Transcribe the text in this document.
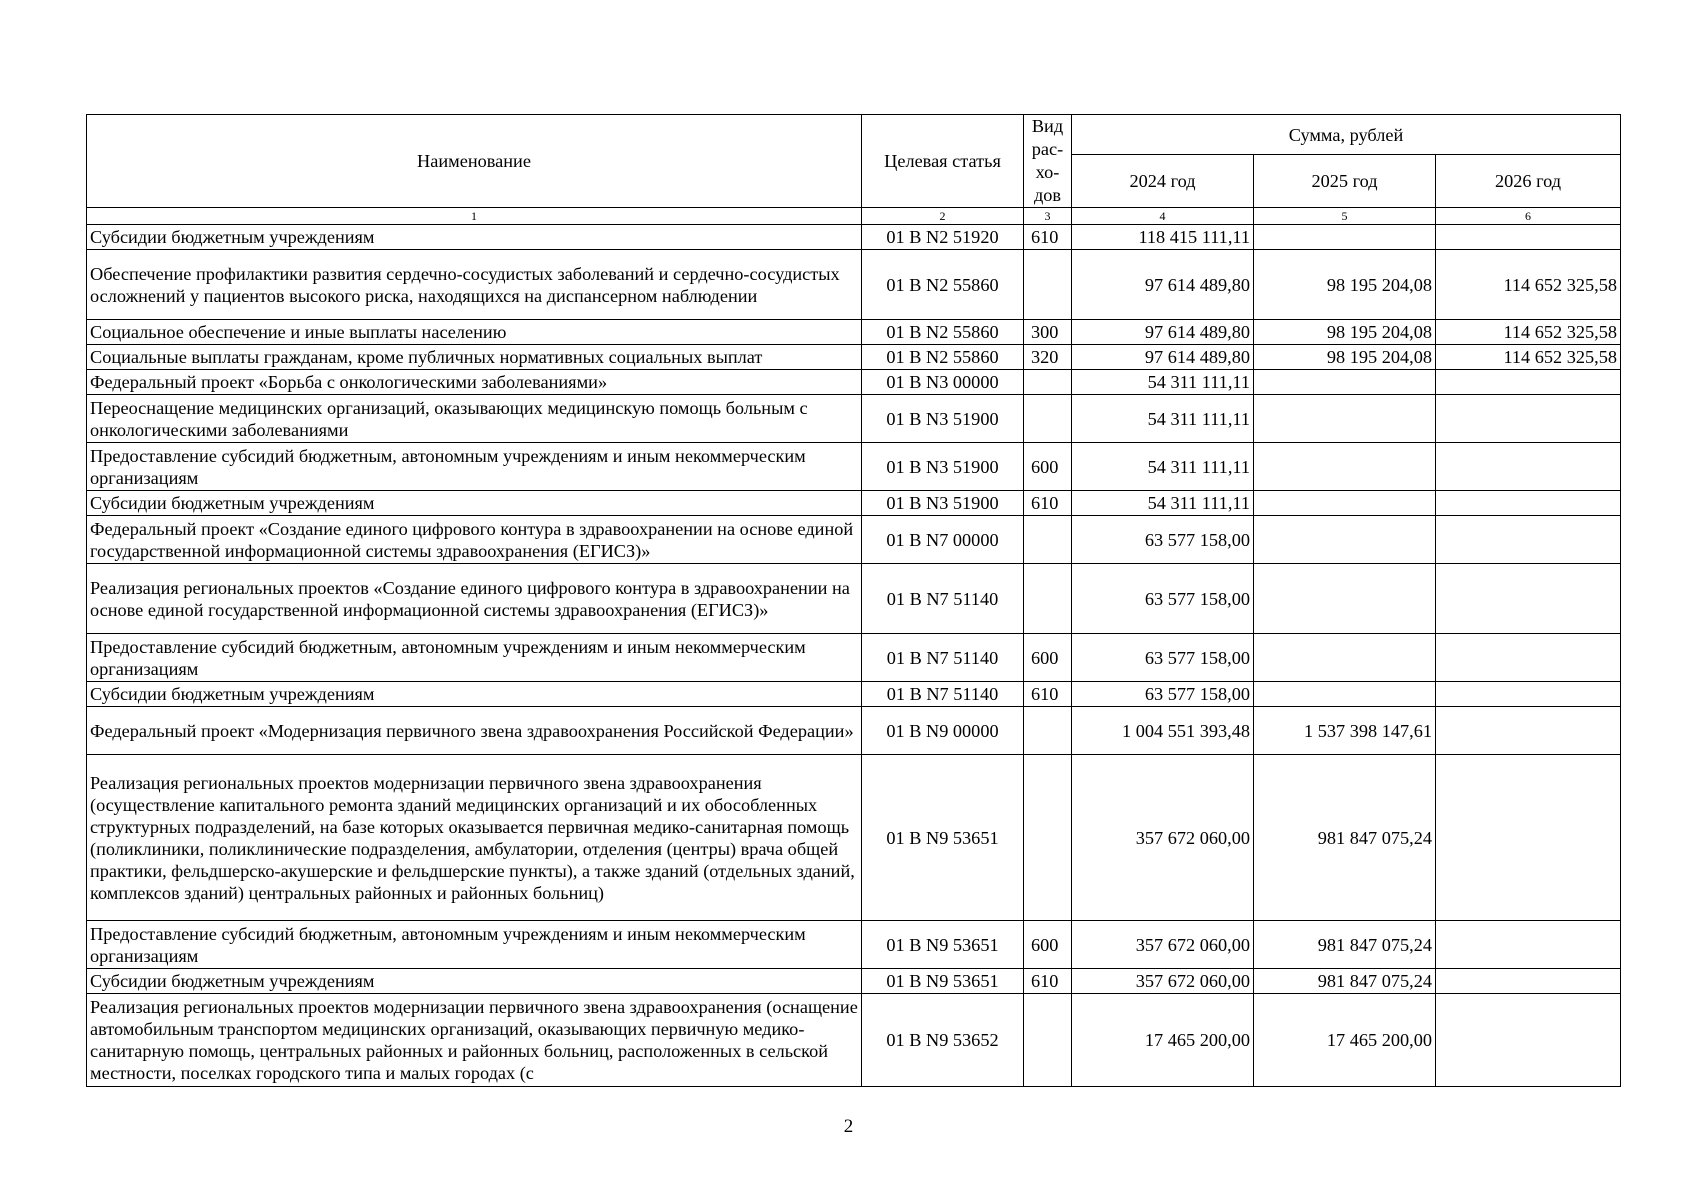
Наименование	Целевая статья	Вид рас-хо-дов	Сумма, рублей		
			2024 год	2025 год	2026 год
1	2	3	4	5	6
Субсидии бюджетным учреждениям	01 В N2 51920	610	118 415 111,11		
Обеспечение профилактики развития сердечно-сосудистых заболеваний и сердечно-сосудистых осложнений у пациентов высокого риска, находящихся на диспансерном наблюдении	01 В N2 55860		97 614 489,80	98 195 204,08	114 652 325,58
Социальное обеспечение и иные выплаты населению	01 В N2 55860	300	97 614 489,80	98 195 204,08	114 652 325,58
Социальные выплаты гражданам, кроме публичных нормативных социальных выплат	01 В N2 55860	320	97 614 489,80	98 195 204,08	114 652 325,58
Федеральный проект «Борьба с онкологическими заболеваниями»	01 В N3 00000		54 311 111,11		
Переоснащение медицинских организаций, оказывающих медицинскую помощь больным с онкологическими заболеваниями	01 В N3 51900		54 311 111,11		
Предоставление субсидий бюджетным, автономным учреждениям и иным некоммерческим организациям	01 В N3 51900	600	54 311 111,11		
Субсидии бюджетным учреждениям	01 В N3 51900	610	54 311 111,11		
Федеральный проект «Создание единого цифрового контура в здравоохранении на основе единой государственной информационной системы здравоохранения (ЕГИСЗ)»	01 В N7 00000		63 577 158,00		
Реализация региональных проектов «Создание единого цифрового контура в здравоохранении на основе единой государственной информационной системы здравоохранения (ЕГИСЗ)»	01 В N7 51140		63 577 158,00		
Предоставление субсидий бюджетным, автономным учреждениям и иным некоммерческим организациям	01 В N7 51140	600	63 577 158,00		
Субсидии бюджетным учреждениям	01 В N7 51140	610	63 577 158,00		
Федеральный проект «Модернизация первичного звена здравоохранения Российской Федерации»	01 В N9 00000		1 004 551 393,48	1 537 398 147,61	
Реализация региональных проектов модернизации первичного звена здравоохранения (осуществление капитального ремонта зданий медицинских организаций и их обособленных структурных подразделений, на базе которых оказывается первичная медико-санитарная помощь (поликлиники, поликлинические подразделения, амбулатории, отделения (центры) врача общей практики, фельдшерско-акушерские и фельдшерские пункты), а также зданий (отдельных зданий, комплексов зданий) центральных районных и районных больниц)	01 В N9 53651		357 672 060,00	981 847 075,24	
Предоставление субсидий бюджетным, автономным учреждениям и иным некоммерческим организациям	01 В N9 53651	600	357 672 060,00	981 847 075,24	
Субсидии бюджетным учреждениям	01 В N9 53651	610	357 672 060,00	981 847 075,24	
Реализация региональных проектов модернизации первичного звена здравоохранения (оснащение автомобильным транспортом медицинских организаций, оказывающих первичную медико-санитарную помощь, центральных районных и районных больниц, расположенных в сельской местности, поселках городского типа и малых городах (с	01 В N9 53652		17 465 200,00	17 465 200,00	
2
